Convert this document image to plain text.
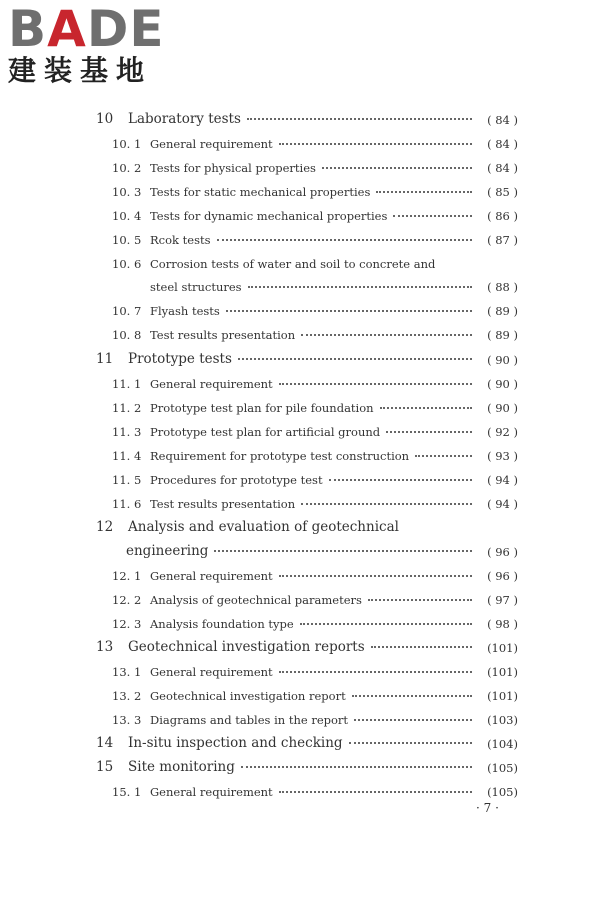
BADE
建装基地
10 Laboratory tests	( 84 )
10. 1 General requirement	( 84 )
10. 2 Tests for physical properties	( 84 )
10. 3 Tests for static mechanical properties	( 85 )
10. 4 Tests for dynamic mechanical properties	( 86 )
10. 5 Rcok tests	( 87 )
10. 6 Corrosion tests of water and soil to concrete and
steel structures	( 88 )
10. 7 Flyash tests	( 89 )
10. 8 Test results presentation	( 89 )
11 Prototype tests	( 90 )
11. 1 General requirement	( 90 )
11. 2 Prototype test plan for pile foundation	( 90 )
11. 3 Prototype test plan for artificial ground	( 92 )
11. 4 Requirement for prototype test construction	( 93 )
11. 5 Procedures for prototype test	( 94 )
11. 6 Test results presentation	( 94 )
12 Analysis and evaluation of geotechnical
engineering	( 96 )
12. 1 General requirement	( 96 )
12. 2 Analysis of geotechnical parameters	( 97 )
12. 3 Analysis foundation type	( 98 )
13 Geotechnical investigation reports	(101)
13. 1 General requirement	(101)
13. 2 Geotechnical investigation report	(101)
13. 3 Diagrams and tables in the report	(103)
14 In-situ inspection and checking	(104)
15 Site monitoring	(105)
15. 1 General requirement	(105)
· 7 ·
